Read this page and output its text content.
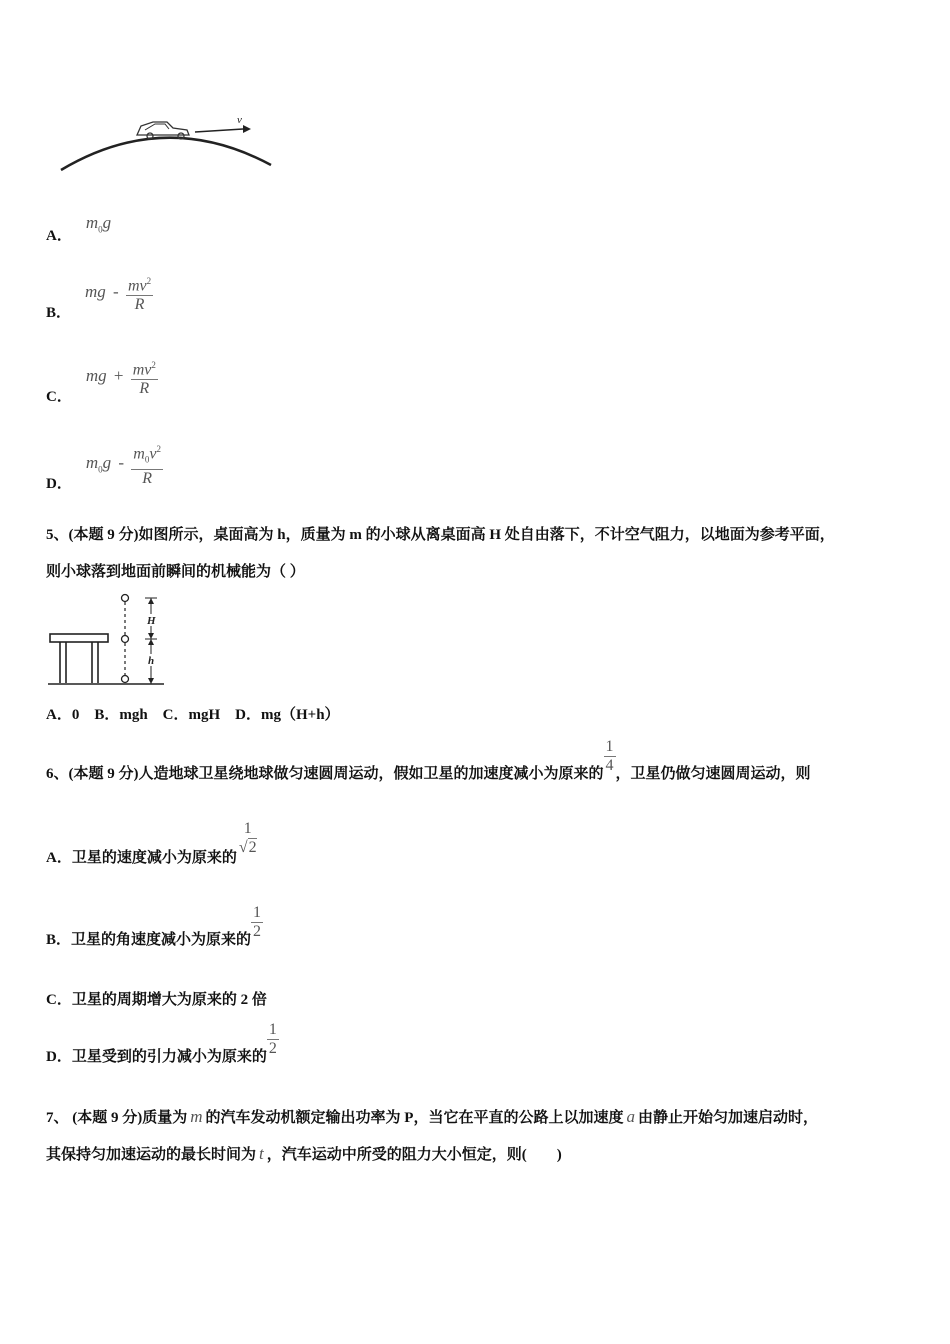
v
A． $m_0g$
B． mg - $\frac{mv^2}{R}$
C． mg + $\frac{mv^2}{R}$
D． $m_0g - \frac{m_0v^2}{R}$
5、(本题 9 分)如图所示，桌面高为 h，质量为 m 的小球从离桌面高 H 处自由落下，不计空气阻力，以地面为参考平面，
则小球落到地面前瞬间的机械能为（ ）
H
h
A．0　B．mgh　C．mgH　D．mg（H+h）
6、(本题 9 分)人造地球卫星绕地球做匀速圆周运动，假如卫星的加速度减小为原来的 $\frac{1}{4}$ ，卫星仍做匀速圆周运动，则
A．卫星的速度减小为原来的
1
√2
B．卫星的角速度减小为原来的 $\frac{1}{2}$
C．卫星的周期增大为原来的 2 倍
D．卫星受到的引力减小为原来的 $\frac{1}{2}$
7、 (本题 9 分)质量为 m 的汽车发动机额定输出功率为 P，当它在平直的公路上以加速度 a 由静止开始匀加速启动时，
其保持匀加速运动的最长时间为 t ，汽车运动中所受的阻力大小恒定，则(　　)
